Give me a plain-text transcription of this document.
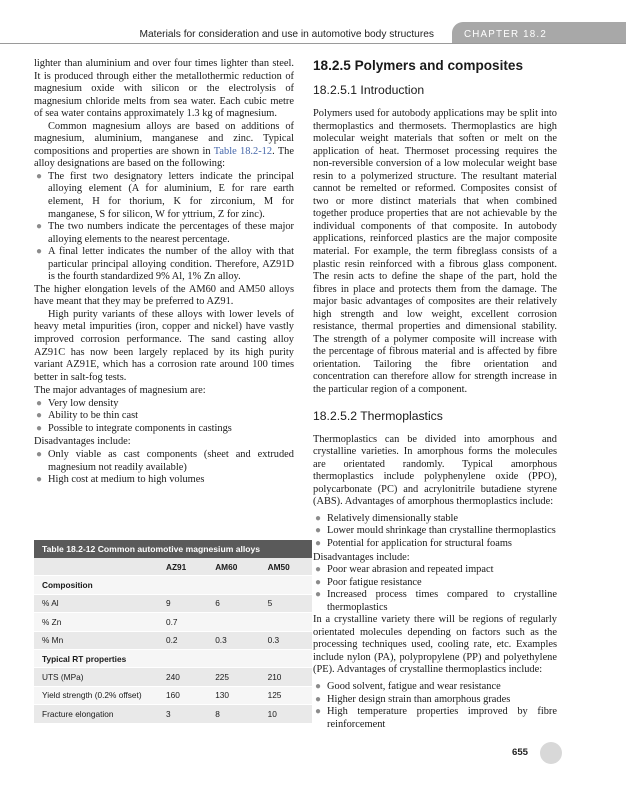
Materials for consideration and use in automotive body structures	CHAPTER 18.2

lighter than aluminium and over four times lighter than steel. It is produced through either the metallothermic reduction of magnesium oxide with silicon or the electrolysis of magnesium chloride melts from sea water. Each cubic metre of sea water contains approximately 1.3 kg of magnesium.

Common magnesium alloys are based on additions of magnesium, aluminium, manganese and zinc. Typical compositions and properties are shown in Table 18.2-12. The alloy designations are based on the following:

● The first two designatory letters indicate the principal alloying element (A for aluminium, E for rare earth element, H for thorium, K for zirconium, M for manganese, S for silicon, W for yttrium, Z for zinc).
● The two numbers indicate the percentages of these major alloying elements to the nearest percentage.
● A final letter indicates the number of the alloy with that particular principal alloying condition. Therefore, AZ91D is the fourth standardized 9% Al, 1% Zn alloy.

The higher elongation levels of the AM60 and AM50 alloys have meant that they may be preferred to AZ91.

High purity variants of these alloys with lower levels of heavy metal impurities (iron, copper and nickel) have vastly improved corrosion performance. The sand casting alloy AZ91C has now been largely replaced by its high purity variant AZ91E, which has a corrosion rate around 100 times better in salt-fog tests.

The major advantages of magnesium are:

● Very low density
● Ability to be thin cast
● Possible to integrate components in castings

Disadvantages include:

● Only viable as cast components (sheet and extruded magnesium not readily available)
● High cost at medium to high volumes
Table 18.2-12 Common automotive magnesium alloys
	AZ91	AM60	AM50
Composition			
% Al	9	6	5
% Zn	0.7		
% Mn	0.2	0.3	0.3
Typical RT properties			
UTS (MPa)	240	225	210
Yield strength (0.2% offset)	160	130	125
Fracture elongation	3	8	10
18.2.5 Polymers and composites
18.2.5.1 Introduction

Polymers used for autobody applications may be split into thermoplastics and thermosets. Thermoplastics are high molecular weight materials that soften or melt on the application of heat. Thermoset processing requires the non-reversible conversion of a low molecular weight base resin to a polymerized structure. The resultant material cannot be remelted or reformed. Composites consist of two or more distinct materials that when combined together produce properties that are not achievable by the individual components of that composite. In autobody applications, reinforced plastics are the major composite material. For example, the term fibreglass consists of a plastic resin reinforced with a fibrous glass component. The resin acts to define the shape of the part, hold the fibres in place and protects them from the damage. The major basic advantages of composites are their relatively high strength and low weight, excellent corrosion resistance, thermal properties and dimensional stability. The strength of a polymer composite will increase with the percentage of fibrous material and is affected by fibre orientation. Tailoring the fibre orientation and concentration can therefore allow for strength increase in the particular region of a component.

18.2.5.2 Thermoplastics

Thermoplastics can be divided into amorphous and crystalline varieties. In amorphous forms the molecules are orientated randomly. Typical amorphous thermoplastics include polyphenylene oxide (PPO), polycarbonate (PC) and acrylonitrile butadiene styrene (ABS). Advantages of amorphous thermoplastics include:

● Relatively dimensionally stable
● Lower mould shrinkage than crystalline thermoplastics
● Potential for application for structural foams

Disadvantages include:

● Poor wear abrasion and repeated impact
● Poor fatigue resistance
● Increased process times compared to crystalline thermoplastics

In a crystalline variety there will be regions of regularly orientated molecules depending on factors such as the processing techniques used, cooling rate, etc. Examples include nylon (PA), polypropylene (PP) and polyethylene (PE). Advantages of crystalline thermoplastics include:

● Good solvent, fatigue and wear resistance
● Higher design strain than amorphous grades
● High temperature properties improved by fibre reinforcement
655
